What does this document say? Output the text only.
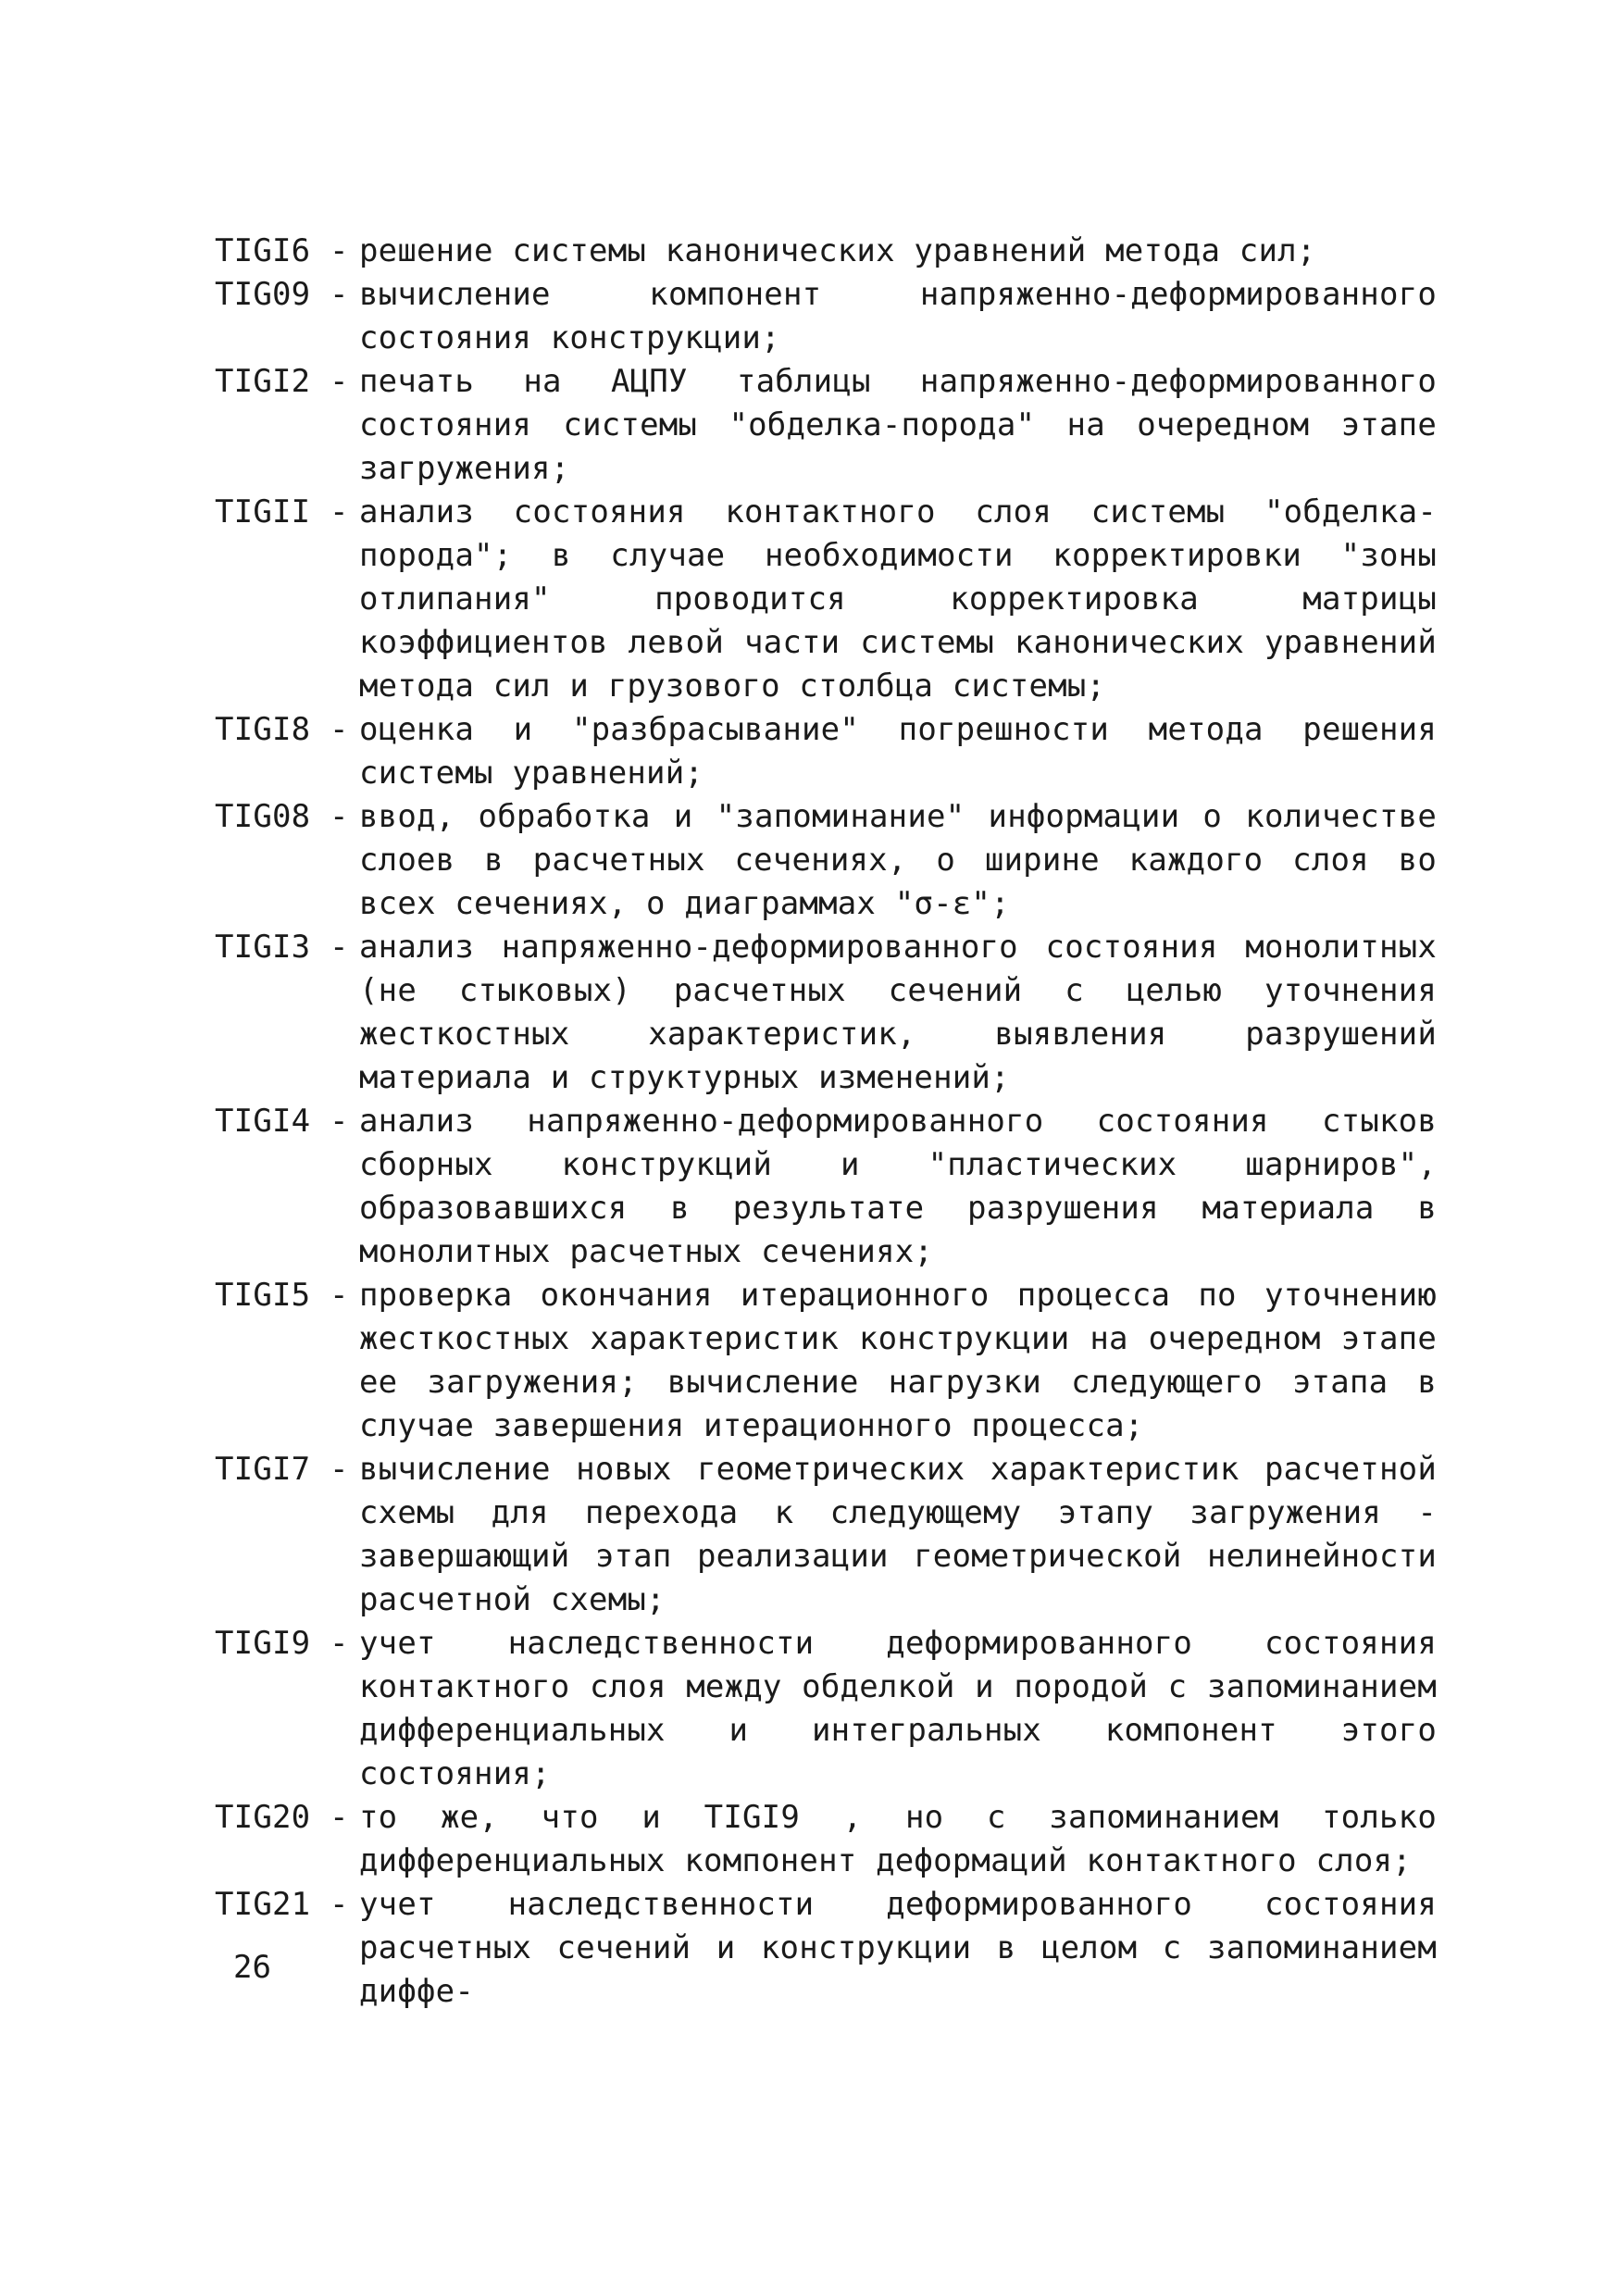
TIGI6 -
решение системы канонических уравнений метода сил;
TIG09 -
вычисление компонент напряженно-деформированного состояния конструкции;
TIGI2 -
печать на АЦПУ таблицы напряженно-деформированного состояния системы "обделка-порода" на очередном этапе загружения;
TIGII -
анализ состояния контактного слоя системы "обделка-порода"; в случае необходимости корректировки "зоны отлипания" проводится корректировка матрицы коэффициентов левой части системы канонических уравнений метода сил и грузового столбца системы;
TIGI8 -
оценка и "разбрасывание" погрешности метода решения системы уравнений;
TIG08 -
ввод, обработка и "запоминание" информации о количестве слоев в расчетных сечениях, о ширине каждого слоя во всех сечениях, о диаграммах "σ-ε";
TIGI3 -
анализ напряженно-деформированного состояния монолитных (не стыковых) расчетных сечений с целью уточнения жесткостных характеристик, выявления разрушений материала и структурных изменений;
TIGI4 -
анализ напряженно-деформированного состояния стыков сборных конструкций и "пластических шарниров", образовавшихся в результате разрушения материала в монолитных расчетных сечениях;
TIGI5 -
проверка окончания итерационного процесса по уточнению жесткостных характеристик конструкции на очередном этапе ее загружения; вычисление нагрузки следующего этапа в случае завершения итерационного процесса;
TIGI7 -
вычисление новых геометрических характеристик расчетной схемы для перехода к следующему этапу загружения - завершающий этап реализации геометрической нелинейности расчетной схемы;
TIGI9 -
учет наследственности деформированного состояния контактного слоя между обделкой и породой с запоминанием дифференциальных и интегральных компонент этого состояния;
TIG20 -
то же, что и TIGI9 , но с запоминанием только дифференциальных компонент деформаций контактного слоя;
TIG21 -
учет наследственности деформированного состояния расчетных сечений и конструкции в целом с запоминанием диффе-
26
